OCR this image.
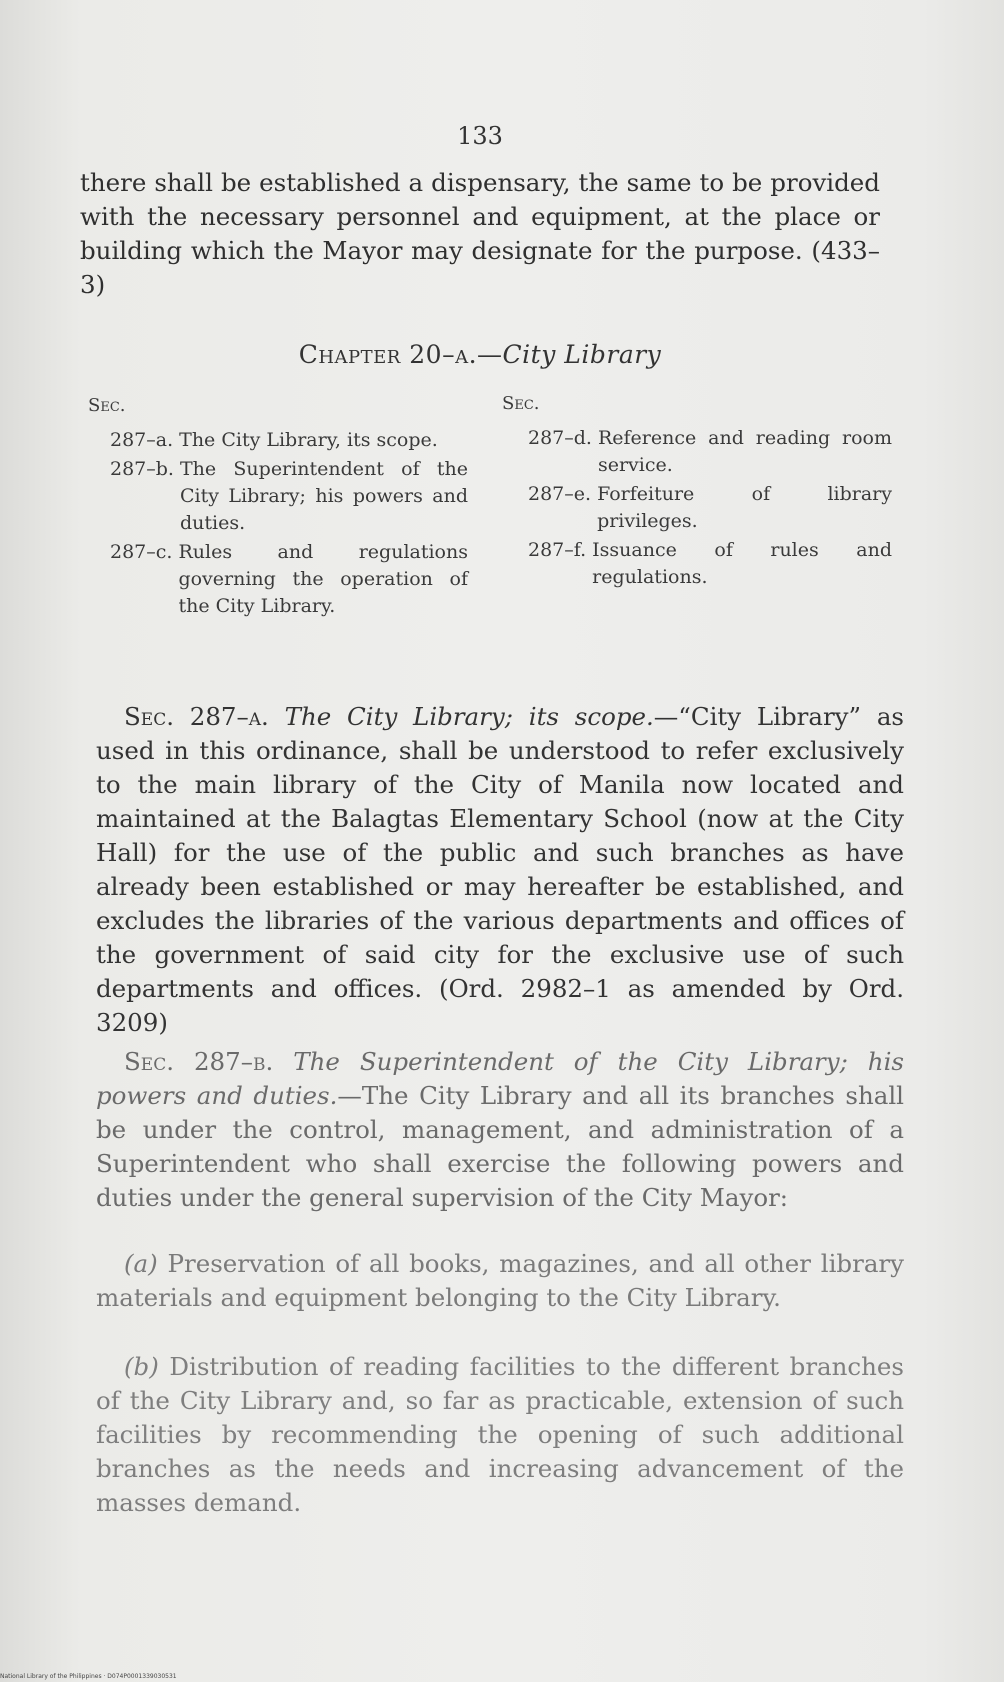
133
there shall be established a dispensary, the same to be provided with the necessary personnel and equipment, at the place or building which the Mayor may designate for the purpose. (433–3)
Chapter 20–a.—City Library
Sec.
287–a. The City Library, its scope.
287–b. The Superintendent of the City Library; his powers and duties.
287–c. Rules and regulations governing the operation of the City Library.
Sec.
287–d. Reference and reading room service.
287–e. Forfeiture of library privileges.
287–f. Issuance of rules and regulations.
Sec. 287–a. The City Library; its scope.—“City Library” as used in this ordinance, shall be understood to refer exclusively to the main library of the City of Manila now located and maintained at the Balagtas Elementary School (now at the City Hall) for the use of the public and such branches as have already been established or may hereafter be established, and excludes the libraries of the various departments and offices of the government of said city for the exclusive use of such departments and offices. (Ord. 2982–1 as amended by Ord. 3209)
Sec. 287–b. The Superintendent of the City Library; his powers and duties.—The City Library and all its branches shall be under the control, management, and administration of a Superintendent who shall exercise the following powers and duties under the general supervision of the City Mayor:
(a) Preservation of all books, magazines, and all other library materials and equipment belonging to the City Library.
(b) Distribution of reading facilities to the different branches of the City Library and, so far as practicable, extension of such facilities by recommending the opening of such additional branches as the needs and increasing advancement of the masses demand.
National Library of the Philippines · D074P0001339030531
